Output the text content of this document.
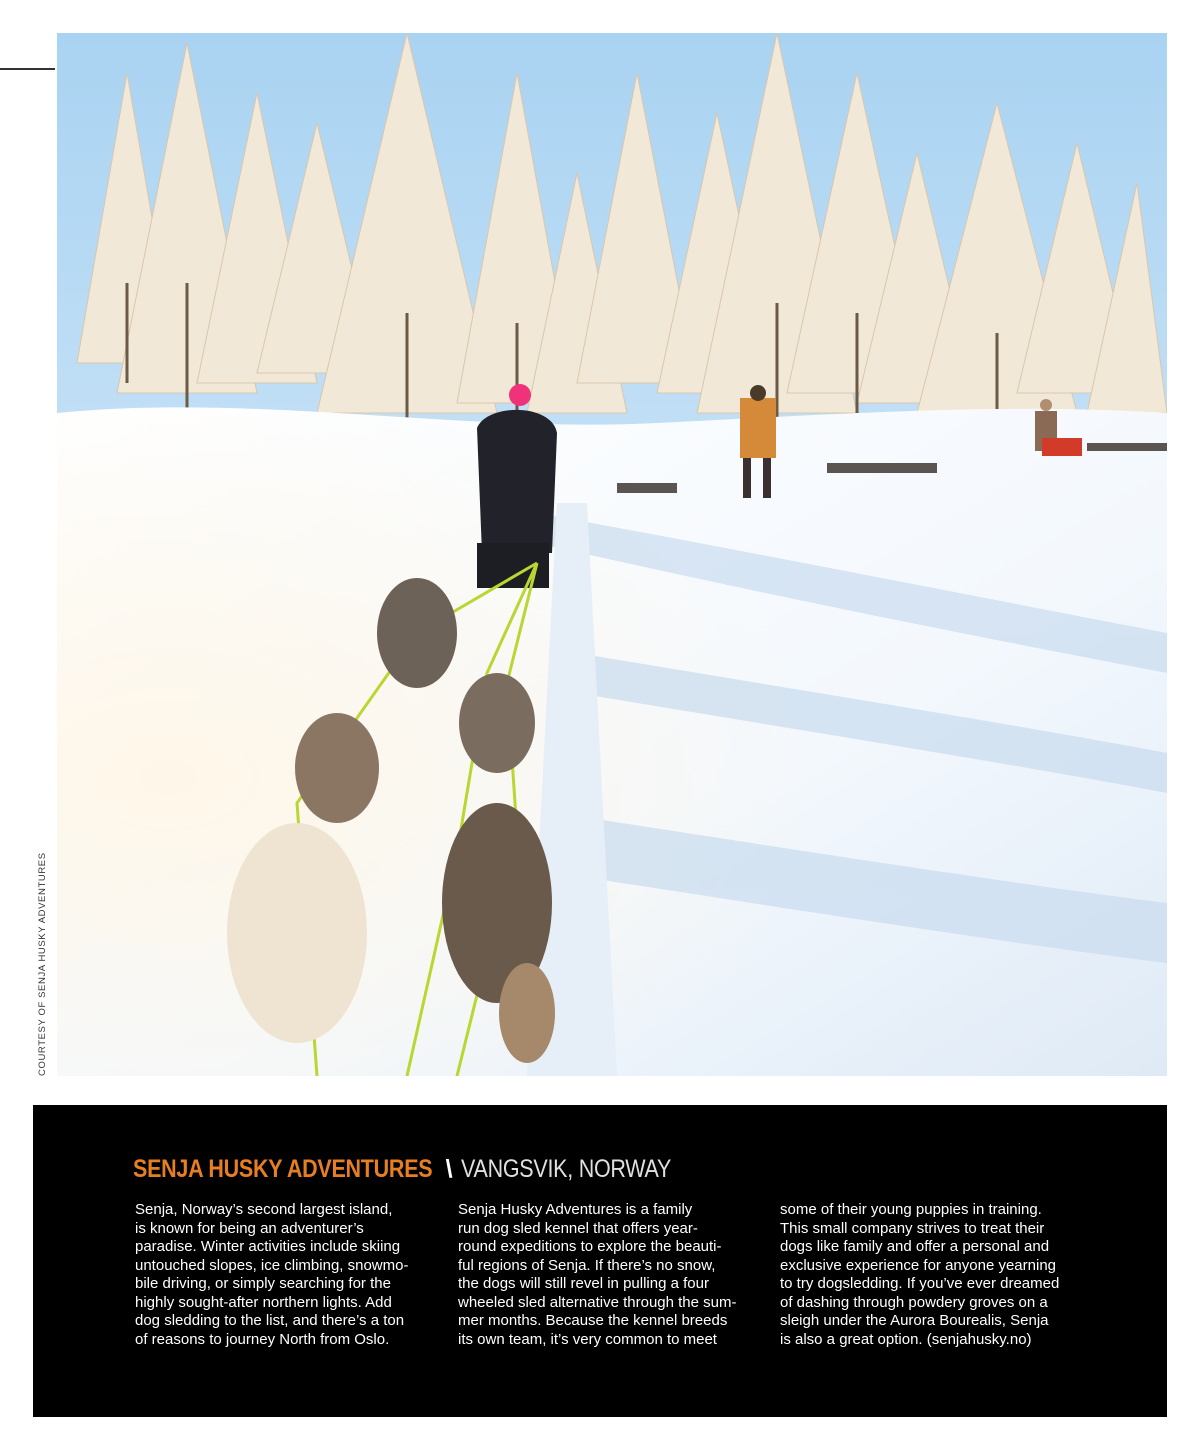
COURTESY OF SENJA HUSKY ADVENTURES
SENJA HUSKY ADVENTURES \ VANGSVIK, NORWAY
Senja, Norway’s second largest island,
is known for being an adventurer’s
paradise. Winter activities include skiing
untouched slopes, ice climbing, snowmo-
bile driving, or simply searching for the
highly sought-after northern lights. Add
dog sledding to the list, and there’s a ton
of reasons to journey North from Oslo.
Senja Husky Adventures is a family
run dog sled kennel that offers year-
round expeditions to explore the beauti-
ful regions of Senja. If there’s no snow,
the dogs will still revel in pulling a four
wheeled sled alternative through the sum-
mer months. Because the kennel breeds
its own team, it’s very common to meet
some of their young puppies in training.
This small company strives to treat their
dogs like family and offer a personal and
exclusive experience for anyone yearning
to try dogsledding. If you’ve ever dreamed
of dashing through powdery groves on a
sleigh under the Aurora Bourealis, Senja
is also a great option. (senjahusky.no)
